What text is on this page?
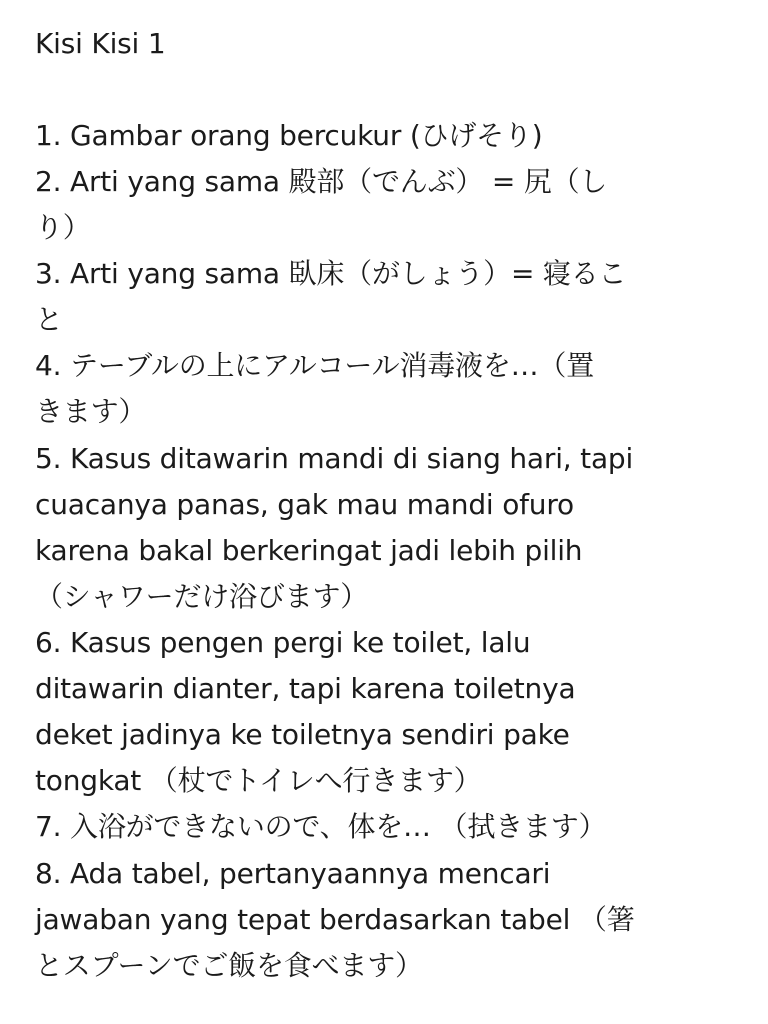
Kisi Kisi 1
1. Gambar orang bercukur (ひげそり)
2. Arti yang sama 殿部（でんぶ） = 尻（し
り）
3. Arti yang sama 臥床（がしょう）= 寝るこ
と
4. テーブルの上にアルコール消毒液を…（置
きます）
5. Kasus ditawarin mandi di siang hari, tapi
cuacanya panas, gak mau mandi ofuro
karena bakal berkeringat jadi lebih pilih
（シャワーだけ浴びます）
6. Kasus pengen pergi ke toilet, lalu
ditawarin dianter, tapi karena toiletnya
deket jadinya ke toiletnya sendiri pake
tongkat （杖でトイレへ行きます）
7. 入浴ができないので、体を… （拭きます）
8. Ada tabel, pertanyaannya mencari
jawaban yang tepat berdasarkan tabel （箸
とスプーンでご飯を食べます）
